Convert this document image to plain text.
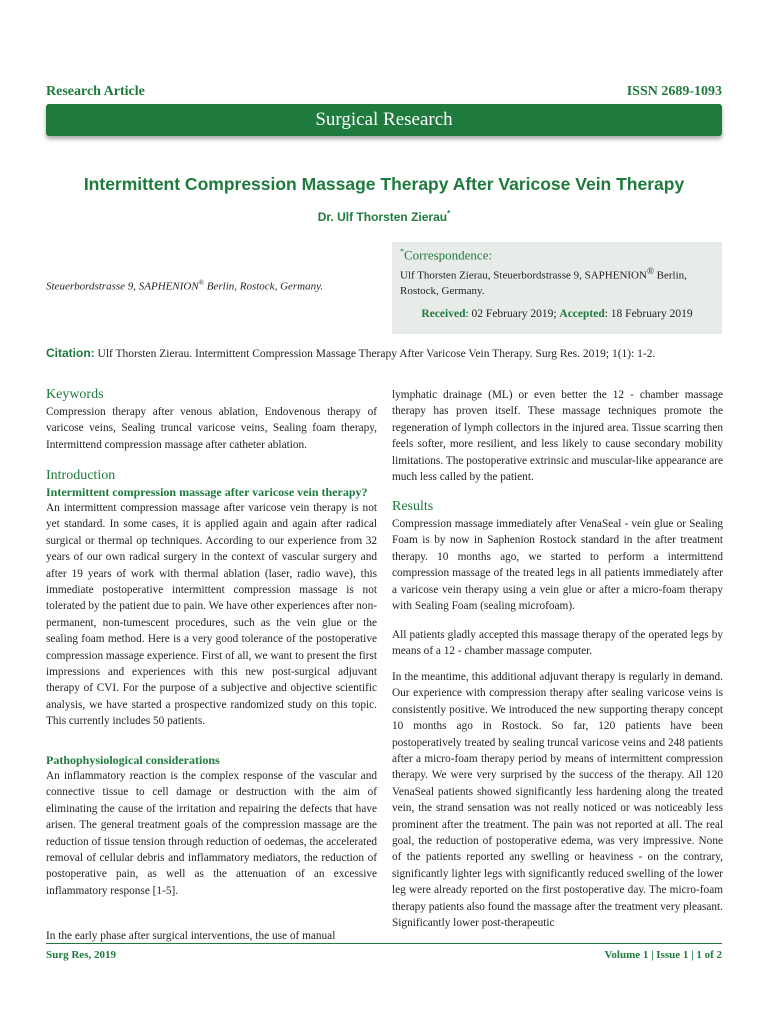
Research Article	ISSN 2689-1093
Surgical Research
Intermittent Compression Massage Therapy After Varicose Vein Therapy
Dr. Ulf Thorsten Zierau*
Steuerbordstrasse 9, SAPHENION® Berlin, Rostock, Germany.
*Correspondence:
Ulf Thorsten Zierau, Steuerbordstrasse 9, SAPHENION® Berlin, Rostock, Germany.
Received: 02 February 2019; Accepted: 18 February 2019
Citation: Ulf Thorsten Zierau. Intermittent Compression Massage Therapy After Varicose Vein Therapy. Surg Res. 2019; 1(1): 1-2.
Keywords

Compression therapy after venous ablation, Endovenous therapy of varicose veins, Sealing truncal varicose veins, Sealing foam therapy, Intermittend compression massage after catheter ablation.

Introduction
Intermittent compression massage after varicose vein therapy?

An intermittent compression massage after varicose vein therapy is not yet standard. In some cases, it is applied again and again after radical surgical or thermal op techniques. According to our experience from 32 years of our own radical surgery in the context of vascular surgery and after 19 years of work with thermal ablation (laser, radio wave), this immediate postoperative intermittent compression massage is not tolerated by the patient due to pain. We have other experiences after non-permanent, non-tumescent procedures, such as the vein glue or the sealing foam method. Here is a very good tolerance of the postoperative compression massage experience. First of all, we want to present the first impressions and experiences with this new post-surgical adjuvant therapy of CVI. For the purpose of a subjective and objective scientific analysis, we have started a prospective randomized study on this topic. This currently includes 50 patients.

Pathophysiological considerations

An inflammatory reaction is the complex response of the vascular and connective tissue to cell damage or destruction with the aim of eliminating the cause of the irritation and repairing the defects that have arisen. The general treatment goals of the compression massage are the reduction of tissue tension through reduction of oedemas, the accelerated removal of cellular debris and inflammatory mediators, the reduction of postoperative pain, as well as the attenuation of an excessive inflammatory response [1-5].

In the early phase after surgical interventions, the use of manual

lymphatic drainage (ML) or even better the 12 - chamber massage therapy has proven itself. These massage techniques promote the regeneration of lymph collectors in the injured area. Tissue scarring then feels softer, more resilient, and less likely to cause secondary mobility limitations. The postoperative extrinsic and muscular-like appearance are much less called by the patient.

Results

Compression massage immediately after VenaSeal - vein glue or Sealing Foam is by now in Saphenion Rostock standard in the after treatment therapy. 10 months ago, we started to perform a intermittend compression massage of the treated legs in all patients immediately after a varicose vein therapy using a vein glue or after a micro-foam therapy with Sealing Foam (sealing microfoam).

All patients gladly accepted this massage therapy of the operated legs by means of a 12 - chamber massage computer.

In the meantime, this additional adjuvant therapy is regularly in demand. Our experience with compression therapy after sealing varicose veins is consistently positive. We introduced the new supporting therapy concept 10 months ago in Rostock. So far, 120 patients have been postoperatively treated by sealing truncal varicose veins and 248 patients after a micro-foam therapy period by means of intermittent compression therapy. We were very surprised by the success of the therapy. All 120 VenaSeal patients showed significantly less hardening along the treated vein, the strand sensation was not really noticed or was noticeably less prominent after the treatment. The pain was not reported at all. The real goal, the reduction of postoperative edema, was very impressive. None of the patients reported any swelling or heaviness - on the contrary, significantly lighter legs with significantly reduced swelling of the lower leg were already reported on the first postoperative day. The micro-foam therapy patients also found the massage after the treatment very pleasant. Significantly lower post-therapeutic

Surg Res, 2019	Volume 1 | Issue 1 | 1 of 2
